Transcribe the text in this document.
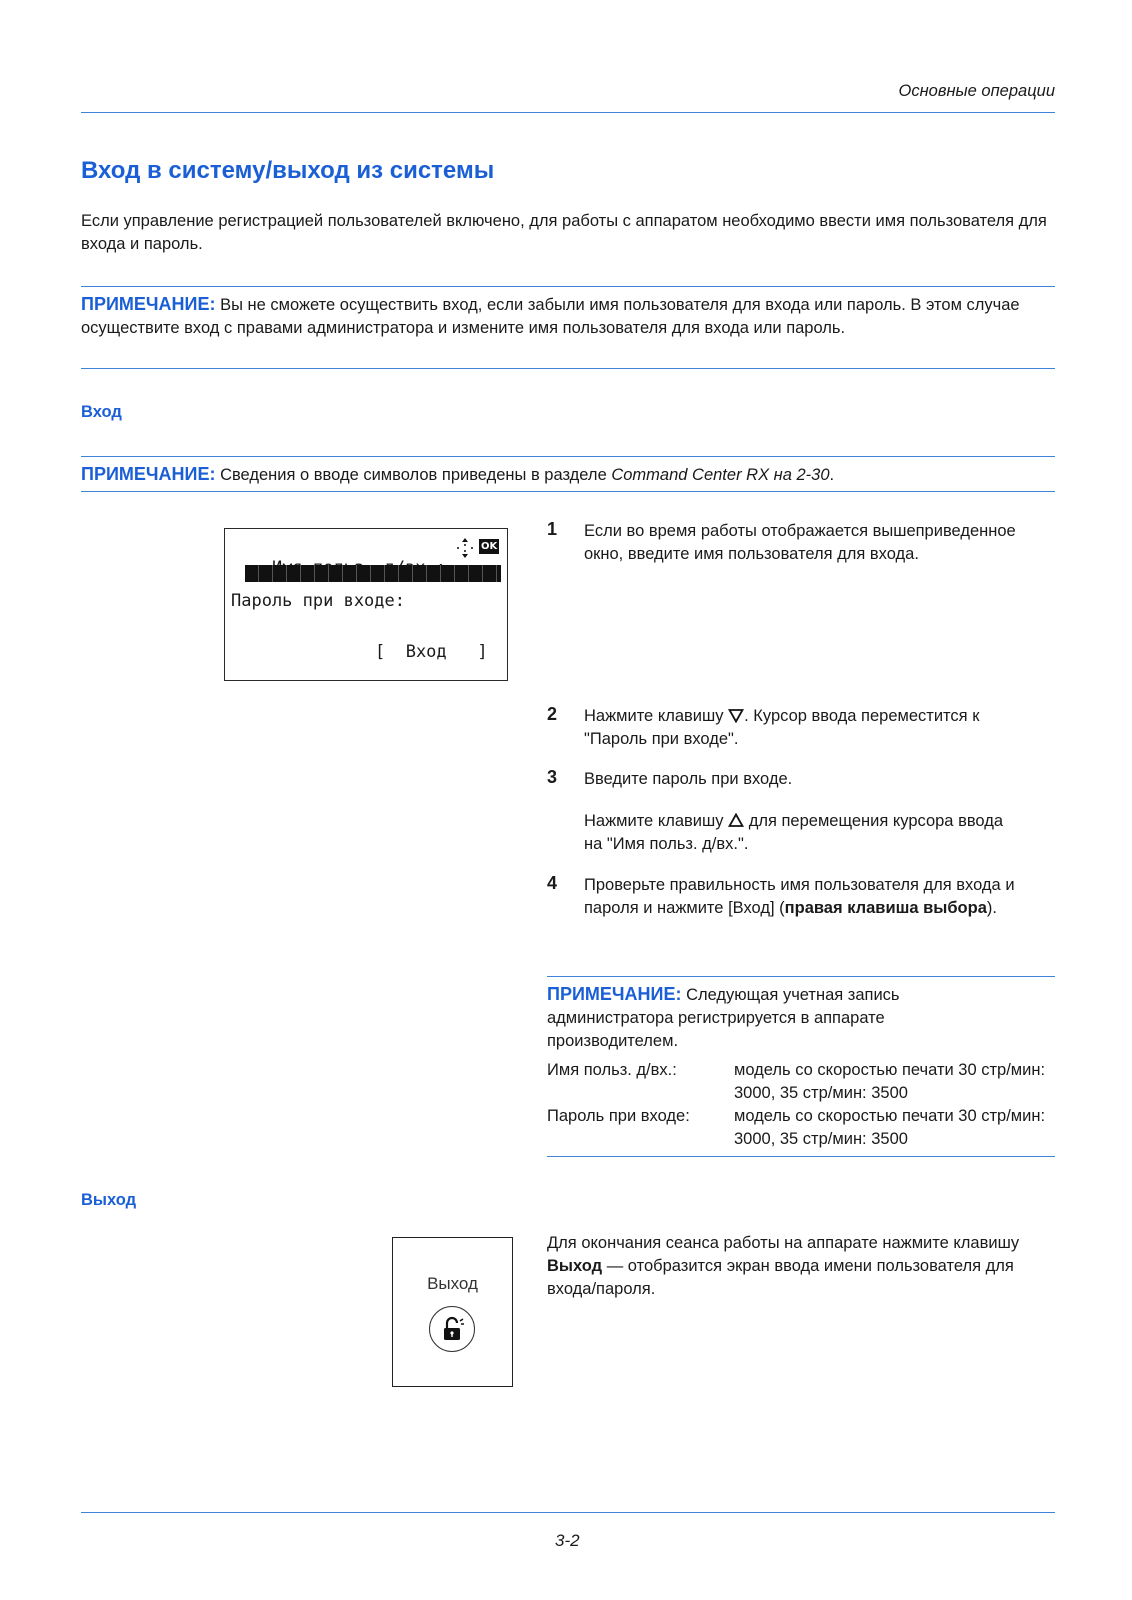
Основные операции
Вход в систему/выход из системы
Если управление регистрацией пользователей включено, для работы с аппаратом необходимо ввести имя пользователя для входа и пароль.
ПРИМЕЧАНИЕ: Вы не сможете осуществить вход, если забыли имя пользователя для входа или пароль. В этом случае осуществите вход с правами администратора и измените имя пользователя для входа или пароль.
Вход
ПРИМЕЧАНИЕ: Сведения о вводе символов приведены в разделе Command Center RX на 2-30.

OK
Пароль при входе:
[  Вход   ]
1 Если во время работы отображается вышеприведенное окно, введите имя пользователя для входа.
2 Нажмите клавишу . Курсор ввода переместится к "Пароль при входе".
3 Введите пароль при входе.
Нажмите клавишу для перемещения курсора ввода на "Имя польз. д/вх.".
4 Проверьте правильность имя пользователя для входа и пароля и нажмите [Вход] (правая клавиша выбора).
ПРИМЕЧАНИЕ: Следующая учетная запись администратора регистрируется в аппарате производителем.
Имя польз. д/вх.:	модель со скоростью печати 30 стр/мин: 3000, 35 стр/мин: 3500
Пароль при входе:	модель со скоростью печати 30 стр/мин: 3000, 35 стр/мин: 3500
Выход
Выход
Для окончания сеанса работы на аппарате нажмите клавишу Выход — отобразится экран ввода имени пользователя для входа/пароля.
3-2
